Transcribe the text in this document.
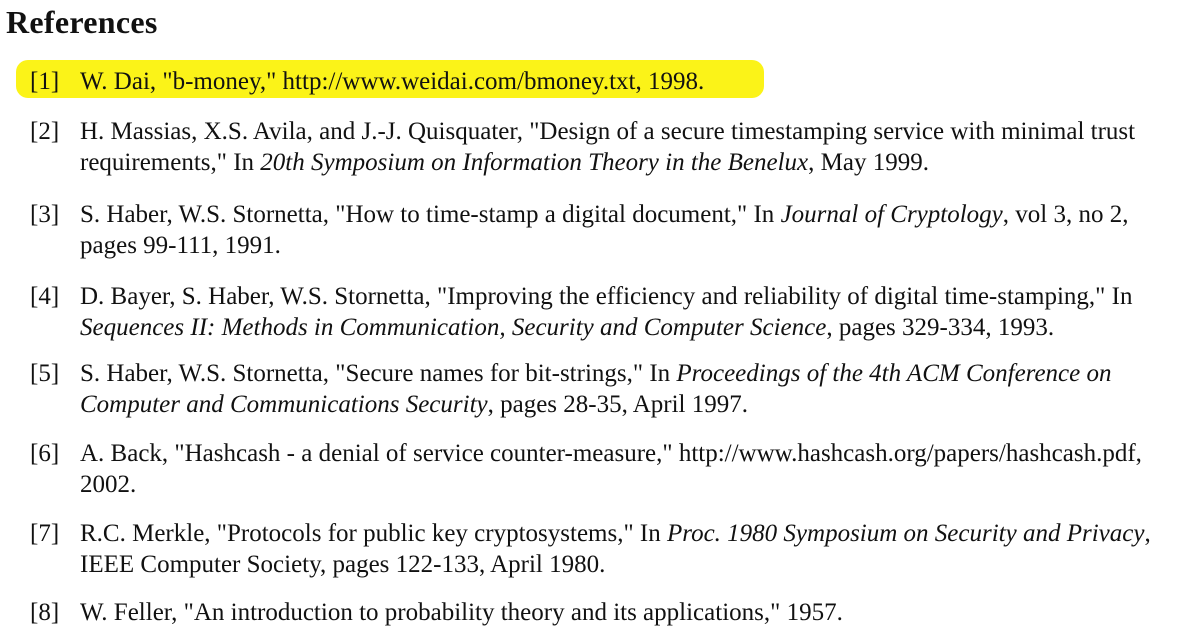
References
[1] W. Dai, "b-money," http://www.weidai.com/bmoney.txt, 1998.
[2] H. Massias, X.S. Avila, and J.-J. Quisquater, "Design of a secure timestamping service with minimal trust requirements," In 20th Symposium on Information Theory in the Benelux, May 1999.
[3] S. Haber, W.S. Stornetta, "How to time-stamp a digital document," In Journal of Cryptology, vol 3, no 2, pages 99-111, 1991.
[4] D. Bayer, S. Haber, W.S. Stornetta, "Improving the efficiency and reliability of digital time-stamping," In Sequences II: Methods in Communication, Security and Computer Science, pages 329-334, 1993.
[5] S. Haber, W.S. Stornetta, "Secure names for bit-strings," In Proceedings of the 4th ACM Conference on Computer and Communications Security, pages 28-35, April 1997.
[6] A. Back, "Hashcash - a denial of service counter-measure," http://www.hashcash.org/papers/hashcash.pdf, 2002.
[7] R.C. Merkle, "Protocols for public key cryptosystems," In Proc. 1980 Symposium on Security and Privacy, IEEE Computer Society, pages 122-133, April 1980.
[8] W. Feller, "An introduction to probability theory and its applications," 1957.
